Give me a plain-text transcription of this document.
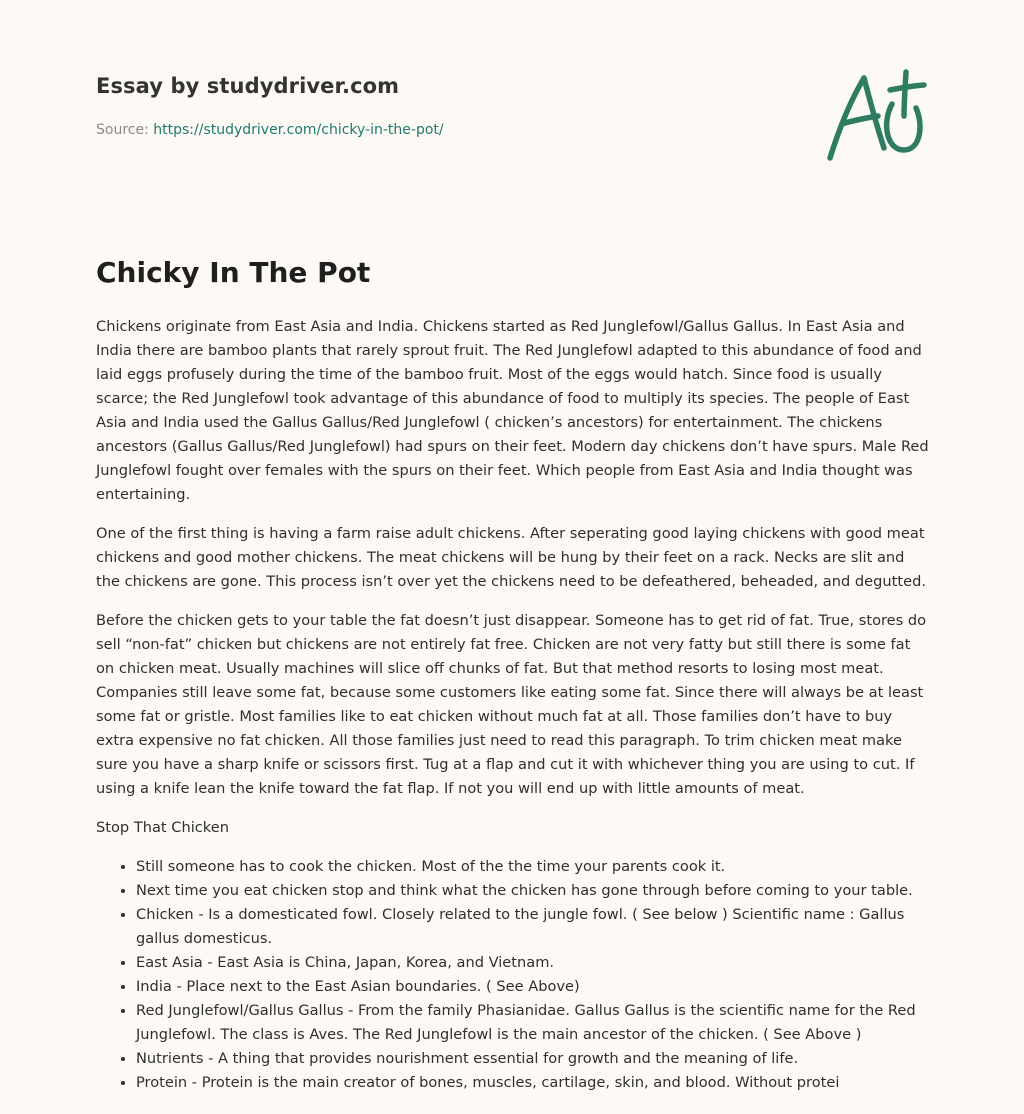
Essay by studydriver.com
Source: https://studydriver.com/chicky-in-the-pot/
Chicky In The Pot

Chickens originate from East Asia and India. Chickens started as Red Junglefowl/Gallus Gallus. In East Asia and India there are bamboo plants that rarely sprout fruit. The Red Junglefowl adapted to this abundance of food and laid eggs profusely during the time of the bamboo fruit. Most of the eggs would hatch. Since food is usually scarce; the Red Junglefowl took advantage of this abundance of food to multiply its species. The people of East Asia and India used the Gallus Gallus/Red Junglefowl ( chicken’s ancestors) for entertainment. The chickens ancestors (Gallus Gallus/Red Junglefowl) had spurs on their feet. Modern day chickens don’t have spurs. Male Red Junglefowl fought over females with the spurs on their feet. Which people from East Asia and India thought was entertaining.

One of the first thing is having a farm raise adult chickens. After seperating good laying chickens with good meat chickens and good mother chickens. The meat chickens will be hung by their feet on a rack. Necks are slit and the chickens are gone. This process isn’t over yet the chickens need to be defeathered, beheaded, and degutted.

Before the chicken gets to your table the fat doesn’t just disappear. Someone has to get rid of fat. True, stores do sell “non-fat” chicken but chickens are not entirely fat free. Chicken are not very fatty but still there is some fat on chicken meat. Usually machines will slice off chunks of fat. But that method resorts to losing most meat. Companies still leave some fat, because some customers like eating some fat. Since there will always be at least some fat or gristle. Most families like to eat chicken without much fat at all. Those families don’t have to buy extra expensive no fat chicken. All those families just need to read this paragraph. To trim chicken meat make sure you have a sharp knife or scissors first. Tug at a flap and cut it with whichever thing you are using to cut. If using a knife lean the knife toward the fat flap. If not you will end up with little amounts of meat.

Stop That Chicken

• Still someone has to cook the chicken. Most of the the time your parents cook it.
• Next time you eat chicken stop and think what the chicken has gone through before coming to your table.
• Chicken - Is a domesticated fowl. Closely related to the jungle fowl. ( See below ) Scientific name : Gallus gallus domesticus.
• East Asia - East Asia is China, Japan, Korea, and Vietnam.
• India - Place next to the East Asian boundaries. ( See Above)
• Red Junglefowl/Gallus Gallus - From the family Phasianidae. Gallus Gallus is the scientific name for the Red Junglefowl. The class is Aves. The Red Junglefowl is the main ancestor of the chicken. ( See Above )
• Nutrients - A thing that provides nourishment essential for growth and the meaning of life.
• Protein - Protein is the main creator of bones, muscles, cartilage, skin, and blood. Without protei
